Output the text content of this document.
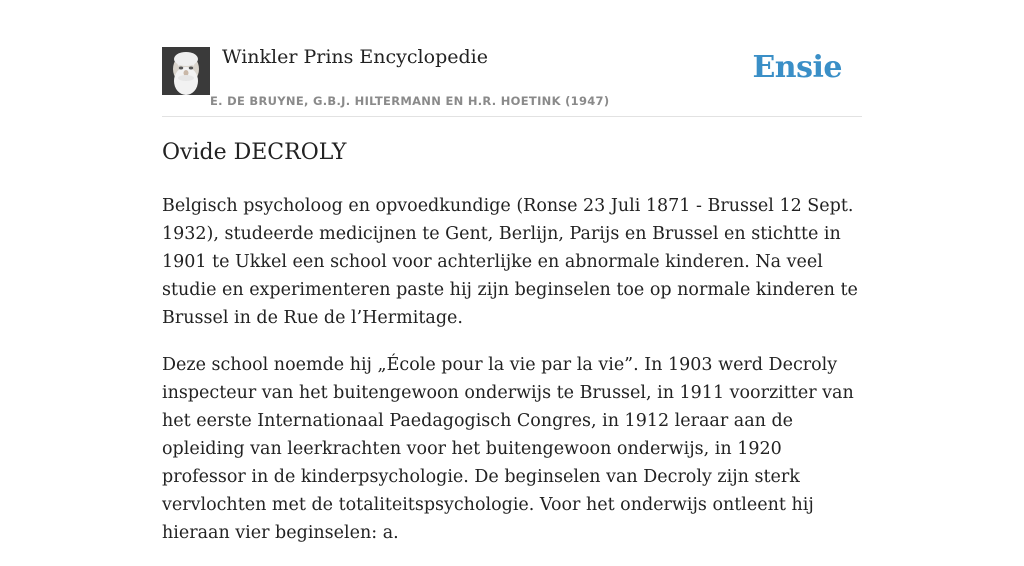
Winkler Prins Encyclopedie
E. DE BRUYNE, G.B.J. HILTERMANN EN H.R. HOETINK (1947)
Ensie
Ovide DECROLY

Belgisch psycholoog en opvoedkundige (Ronse 23 Juli 1871 - Brussel 12 Sept. 1932), studeerde medicijnen te Gent, Berlijn, Parijs en Brussel en stichtte in 1901 te Ukkel een school voor achterlijke en abnormale kinderen. Na veel studie en experimenteren paste hij zijn beginselen toe op normale kinderen te Brussel in de Rue de l’Hermitage.

Deze school noemde hij „École pour la vie par la vie”. In 1903 werd Decroly inspecteur van het buitengewoon onderwijs te Brussel, in 1911 voorzitter van het eerste Internationaal Paedagogisch Congres, in 1912 leraar aan de opleiding van leerkrachten voor het buitengewoon onderwijs, in 1920 professor in de kinderpsychologie. De beginselen van Decroly zijn sterk vervlochten met de totaliteitspsychologie. Voor het onderwijs ontleent hij hieraan vier beginselen: a.
